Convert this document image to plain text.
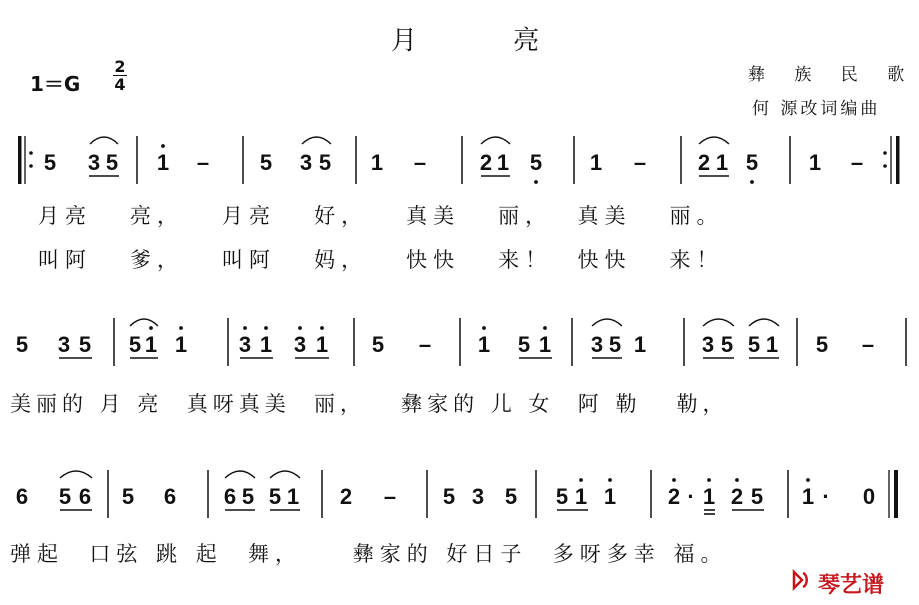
月 亮
1＝G
2
4	彝 族 民 歌
何 源改词编曲
5 3 5 1 – 5 3 5 1 – 2 1 5 1 – 2 1 5 1 –
5 3 5 5 1 1 3 1 3 1 5 – 1 5 1 3 5 1	3 5 5 1 5 –
6 5 6 5 6 6 5 5 1 2 – 5 3 5 5 1 1 2 · 1 2 5 1 · 0
月亮   亮，   月亮   好，   真美   丽，  真美   丽。
叫阿   爹，   叫阿   妈，   快快   来！  快快   来！
美丽的 月 亮  真呀真美  丽，   彝家的 儿 女  阿 勒   勒，
弹起  口弦 跳 起  舞，    彝家的 好日子  多呀多幸 福。
琴艺谱
